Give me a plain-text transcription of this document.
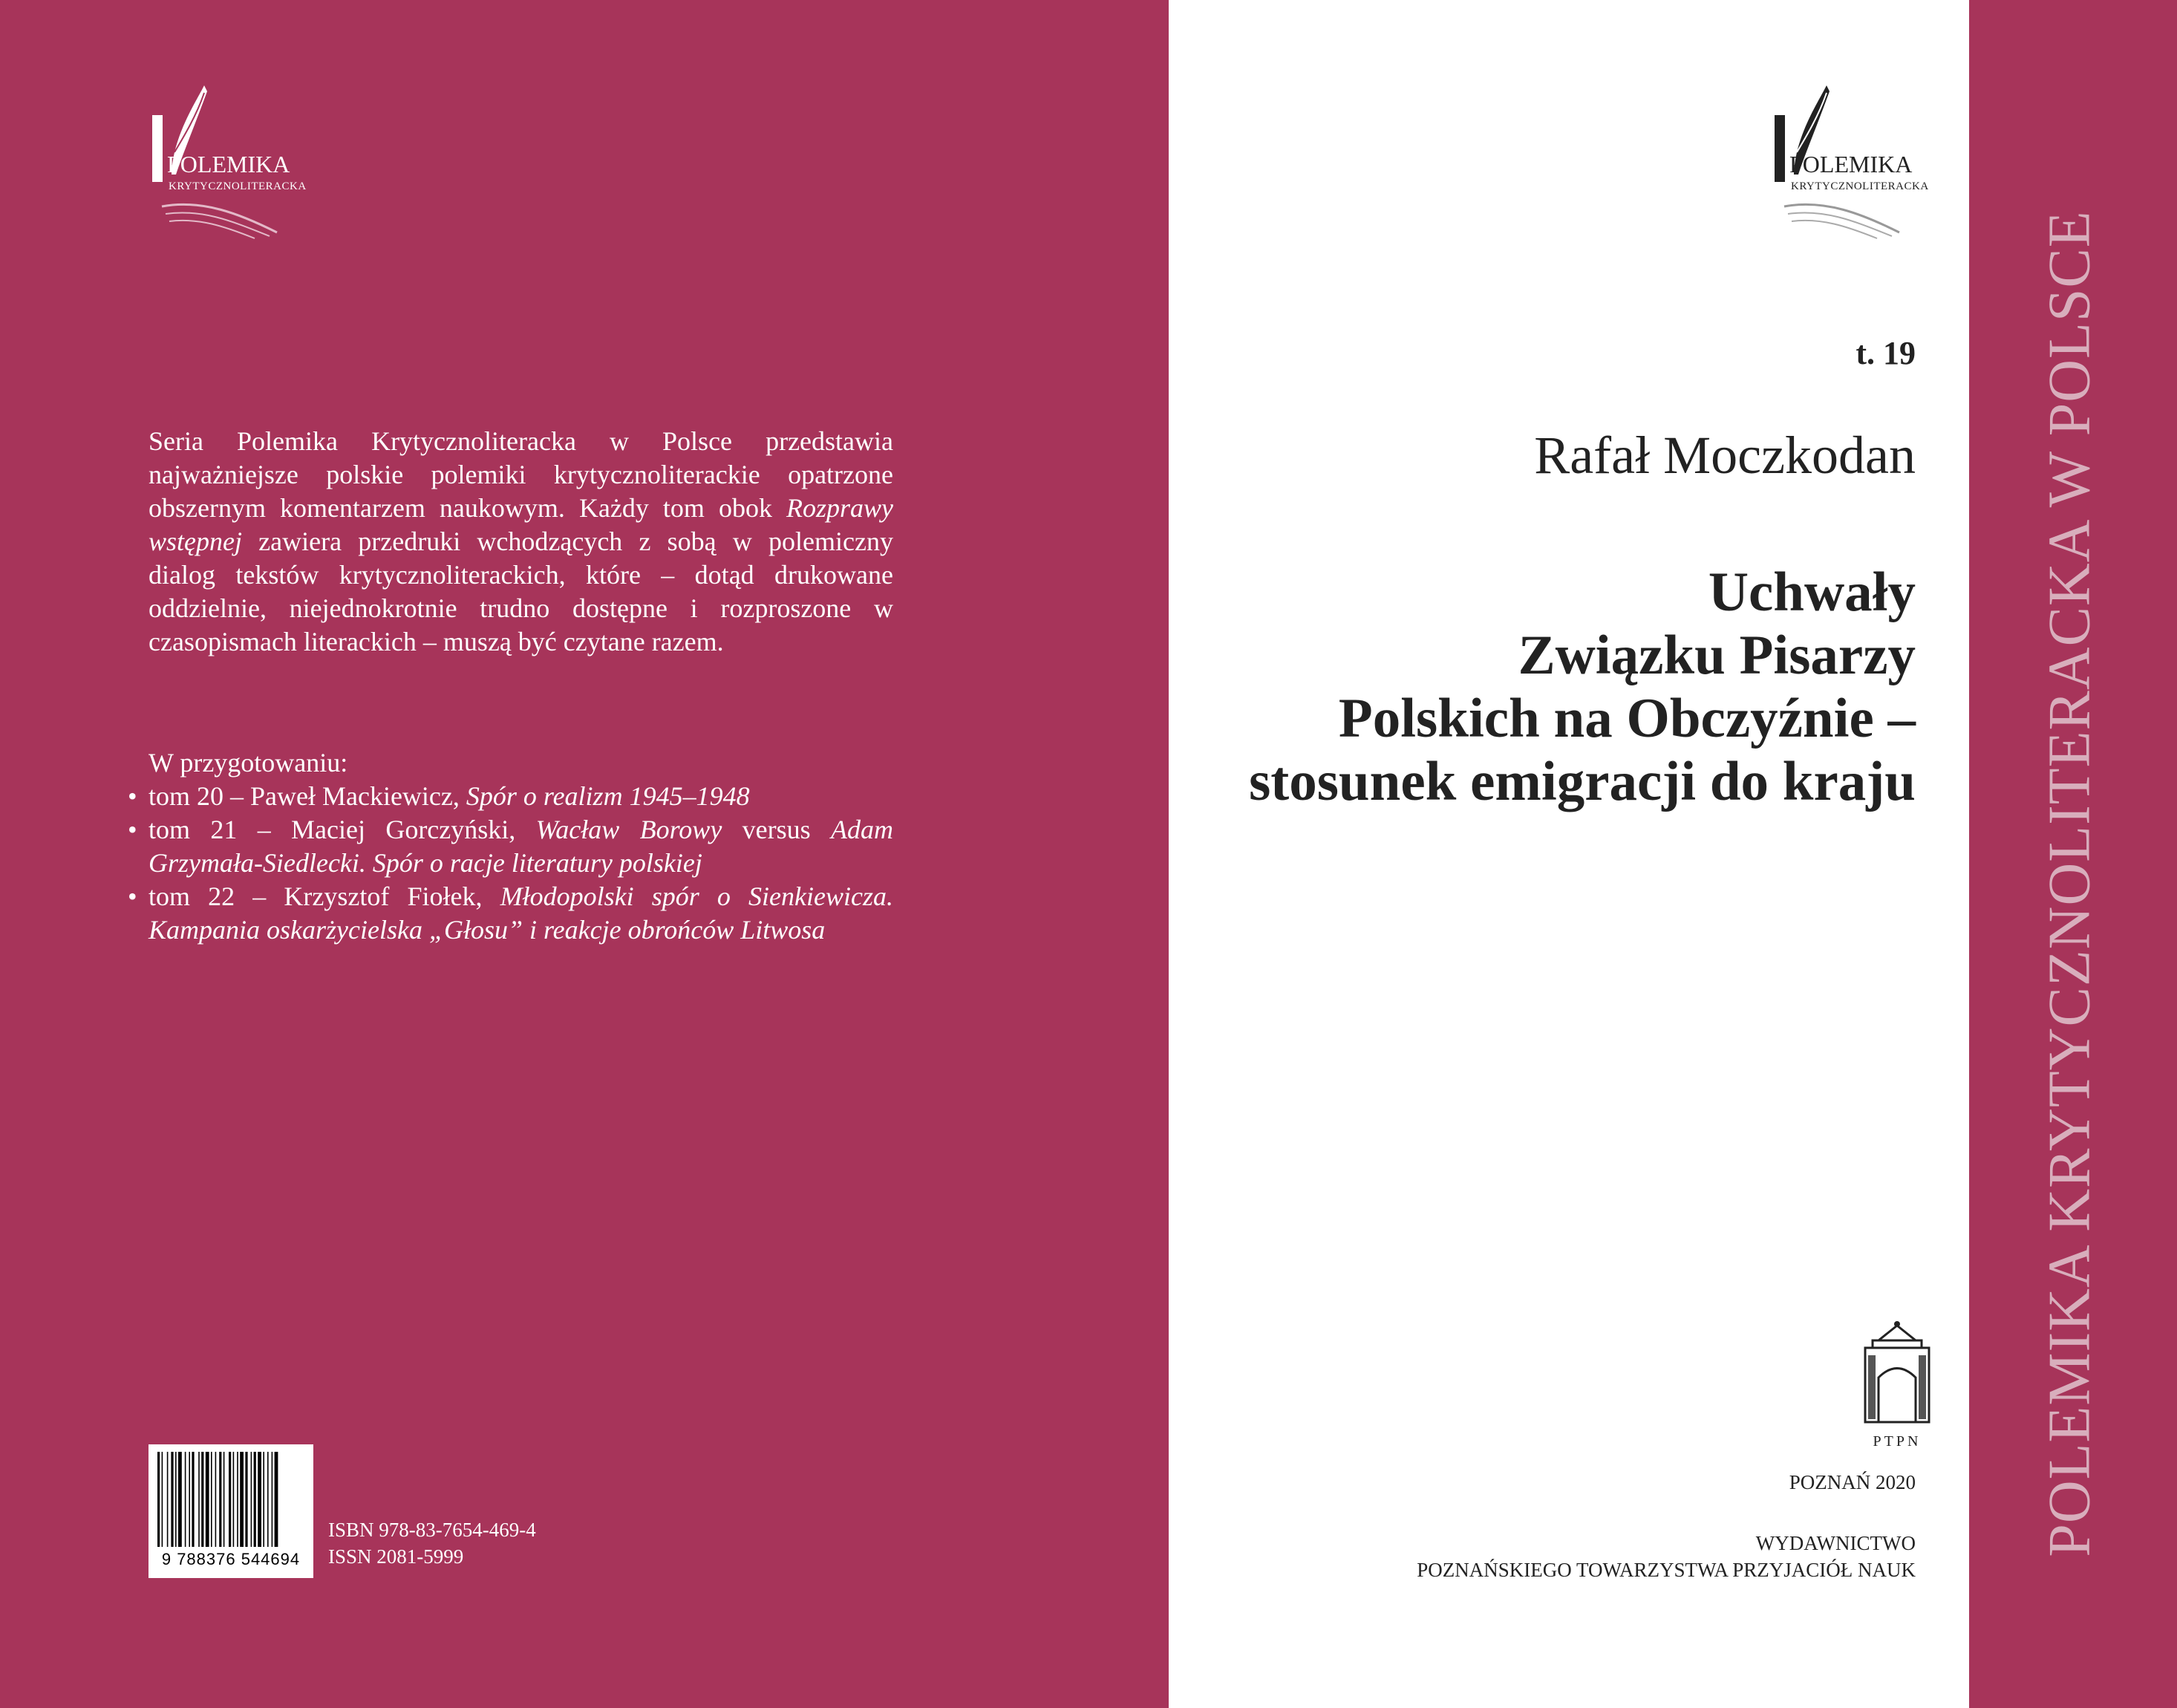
POLEMIKA
KRYTYCZNOLITERACKA

Seria Polemika Krytycznoliteracka w Polsce przedstawia najważniejsze polskie polemiki krytycznoliterackie opatrzone obszernym komentarzem naukowym. Każdy tom obok Rozprawy wstępnej zawiera przedruki wchodzących z sobą w polemiczny dialog tekstów krytycznoliterackich, które – dotąd drukowane oddzielnie, niejednokrotnie trudno dostępne i rozproszone w czasopismach literackich – muszą być czytane razem.

W przygotowaniu:

• tom 20 – Paweł Mackiewicz, Spór o realizm 1945–1948
• tom 21 – Maciej Gorczyński, Wacław Borowy versus Adam Grzymała-Siedlecki. Spór o racje literatury polskiej
• tom 22 – Krzysztof Fiołek, Młodopolski spór o Sienkiewicza. Kampania oskarżycielska „Głosu” i reakcje obrońców Litwosa
9 788376 544694
ISBN 978-83-7654-469-4
ISSN 2081-5999
POLEMIKA
KRYTYCZNOLITERACKA
t. 19
Rafał Moczkodan
Uchwały
Związku Pisarzy
Polskich na Obczyźnie –
stosunek emigracji do kraju
PTPN
POZNAŃ 2020
WYDAWNICTWO
POZNAŃSKIEGO TOWARZYSTWA PRZYJACIÓŁ NAUK
POLEMIKA KRYTYCZNOLITERACKA W POLSCE
